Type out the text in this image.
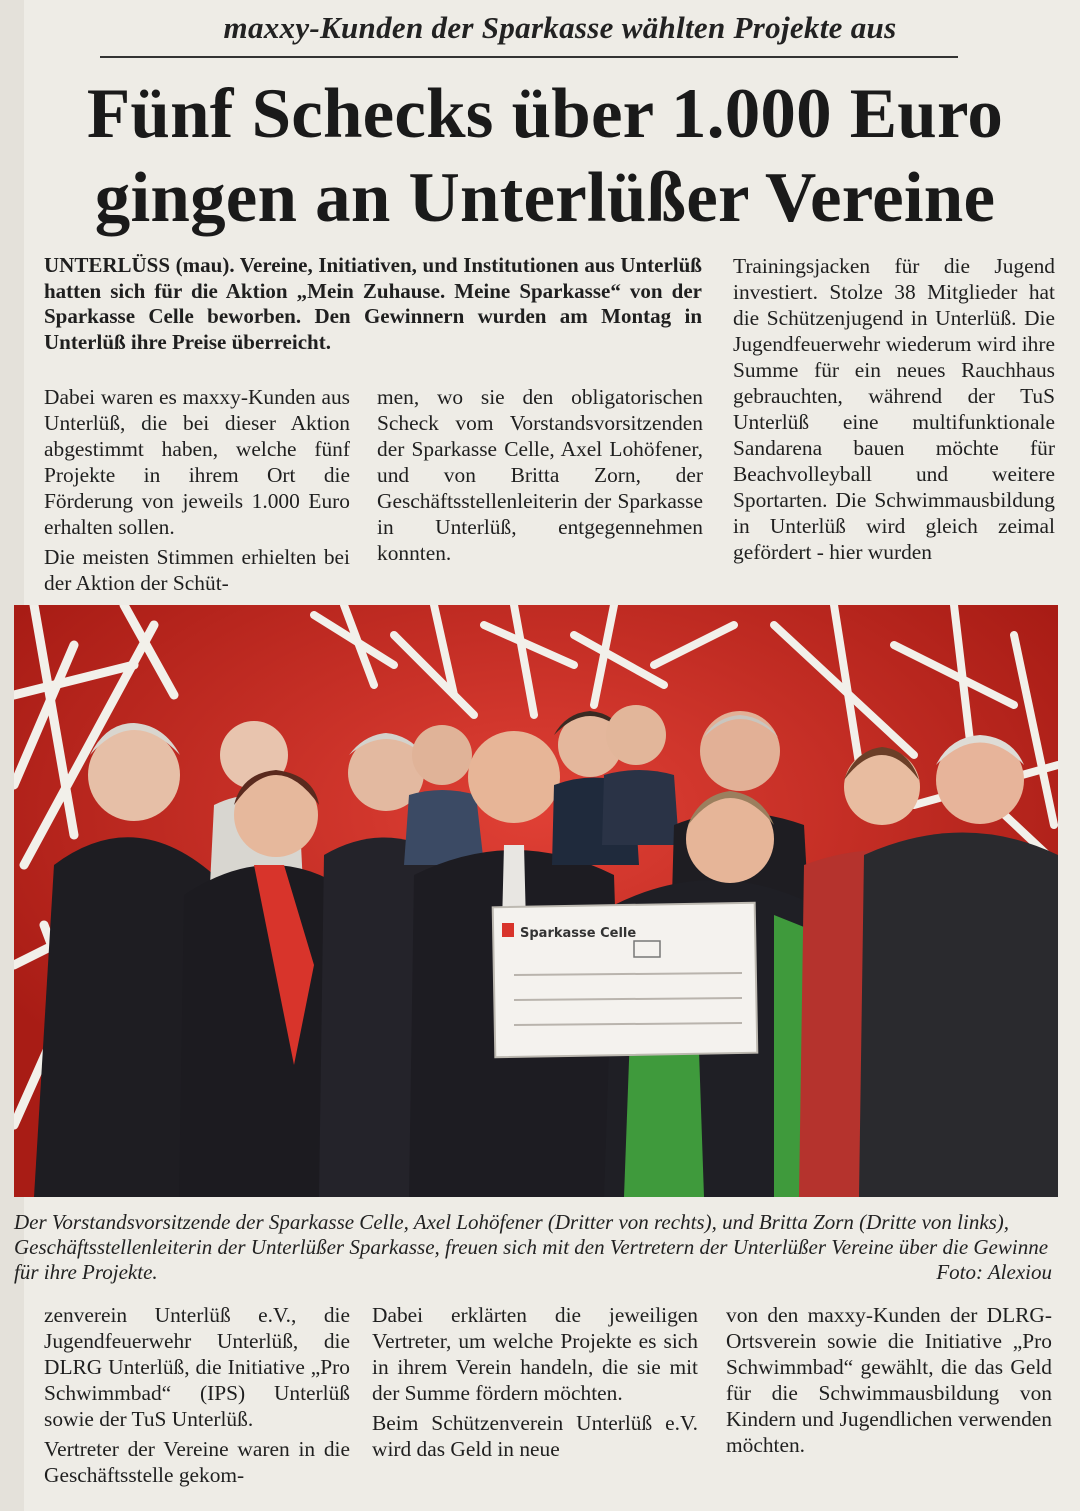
maxxy-Kunden der Sparkasse wählten Projekte aus
Fünf Schecks über 1.000 Euro
gingen an Unterlüßer Vereine
UNTERLÜSS (mau). Vereine, Initiativen, und Institutionen aus Unterlüß hatten sich für die Aktion „Mein Zuhause. Meine Sparkasse“ von der Sparkasse Celle beworben. Den Gewinnern wurden am Montag in Unterlüß ihre Preise überreicht.

Dabei waren es maxxy-Kunden aus Unterlüß, die bei dieser Aktion abgestimmt haben, welche fünf Projekte in ihrem Ort die Förderung von jeweils 1.000 Euro erhalten sollen.

Die meisten Stimmen erhielten bei der Aktion der Schüt-

men, wo sie den obligatorischen Scheck vom Vorstandsvorsitzenden der Sparkasse Celle, Axel Lohöfener, und von Britta Zorn, der Geschäftsstellenleiterin der Sparkasse in Unterlüß, entgegennehmen konnten.

Trainingsjacken für die Jugend investiert. Stolze 38 Mitglieder hat die Schützenjugend in Unterlüß. Die Jugendfeuerwehr wiederum wird ihre Summe für ein neues Rauchhaus gebrauchten, während der TuS Unterlüß eine multifunktionale Sandarena bauen möchte für Beachvolleyball und weitere Sportarten. Die Schwimmausbildung in Unterlüß wird gleich zeimal gefördert - hier wurden

Sparkasse Celle
Der Vorstandsvorsitzende der Sparkasse Celle, Axel Lohöfener (Dritter von rechts), und Britta Zorn (Dritte von links), Geschäftsstellenleiterin der Unterlüßer Sparkasse, freuen sich mit den Vertretern der Unterlüßer Vereine über die Gewinne für ihre Projekte.	Foto: Alexiou

zenverein Unterlüß e.V., die Jugendfeuerwehr Unterlüß, die DLRG Unterlüß, die Initiative „Pro Schwimmbad“ (IPS) Unterlüß sowie der TuS Unterlüß.

Vertreter der Vereine waren in die Geschäftsstelle gekom-

Dabei erklärten die jeweiligen Vertreter, um welche Projekte es sich in ihrem Verein handeln, die sie mit der Summe fördern möchten.

Beim Schützenverein Unterlüß e.V. wird das Geld in neue

von den maxxy-Kunden der DLRG-Ortsverein sowie die Initiative „Pro Schwimmbad“ gewählt, die das Geld für die Schwimmausbildung von Kindern und Jugendlichen verwenden möchten.
